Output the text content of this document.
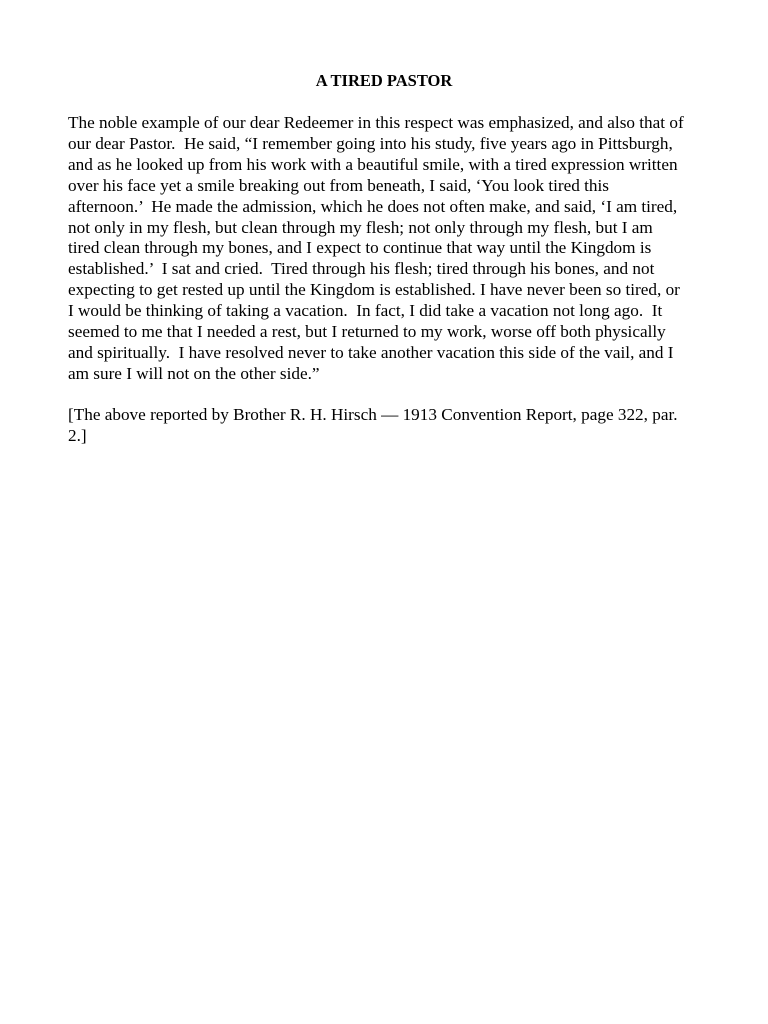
A TIRED PASTOR

The noble example of our dear Redeemer in this respect was emphasized, and also that of
our dear Pastor.  He said, “I remember going into his study, five years ago in Pittsburgh,
and as he looked up from his work with a beautiful smile, with a tired expression written
over his face yet a smile breaking out from beneath, I said, ‘You look tired this
afternoon.’  He made the admission, which he does not often make, and said, ‘I am tired,
not only in my flesh, but clean through my flesh; not only through my flesh, but I am
tired clean through my bones, and I expect to continue that way until the Kingdom is
established.’  I sat and cried.  Tired through his flesh; tired through his bones, and not
expecting to get rested up until the Kingdom is established. I have never been so tired, or
I would be thinking of taking a vacation.  In fact, I did take a vacation not long ago.  It
seemed to me that I needed a rest, but I returned to my work, worse off both physically
and spiritually.  I have resolved never to take another vacation this side of the vail, and I
am sure I will not on the other side.”

[The above reported by Brother R. H. Hirsch — 1913 Convention Report, page 322, par.
2.]
